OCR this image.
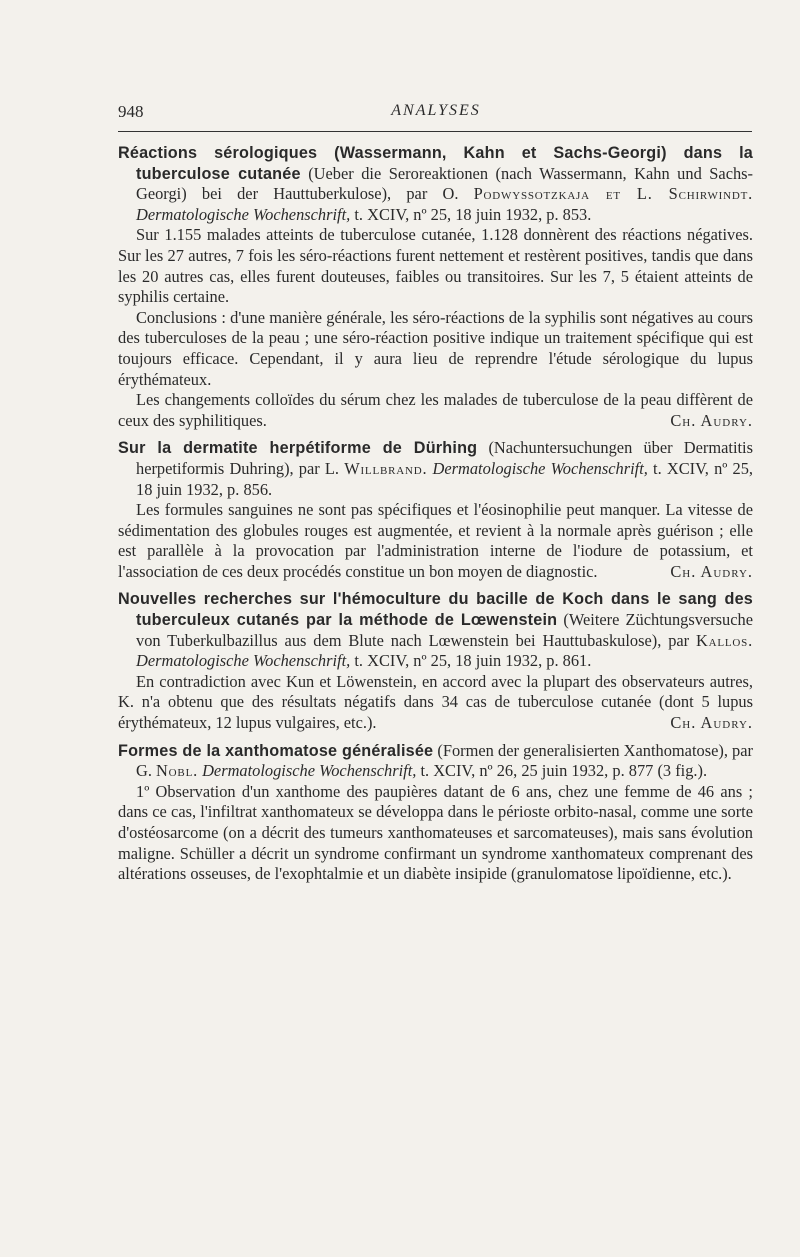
948	ANALYSES

Réactions sérologiques (Wassermann, Kahn et Sachs-Georgi) dans la tuberculose cutanée (Ueber die Seroreaktionen (nach Wassermann, Kahn und Sachs-Georgi) bei der Hauttuberkulose), par O. Podwyssotzkaja et L. Schirwindt. Dermatologische Wochenschrift, t. XCIV, nº 25, 18 juin 1932, p. 853.

Sur 1.155 malades atteints de tuberculose cutanée, 1.128 donnèrent des réactions négatives. Sur les 27 autres, 7 fois les séro-réactions furent nettement et restèrent positives, tandis que dans les 20 autres cas, elles furent douteuses, faibles ou transitoires. Sur les 7, 5 étaient atteints de syphilis certaine.

Conclusions : d'une manière générale, les séro-réactions de la syphilis sont négatives au cours des tuberculoses de la peau ; une séro-réaction positive indique un traitement spécifique qui est toujours efficace. Cependant, il y aura lieu de reprendre l'étude sérologique du lupus érythémateux.

Les changements colloïdes du sérum chez les malades de tuberculose de la peau diffèrent de ceux des syphilitiques.	Ch. Audry.

Sur la dermatite herpétiforme de Dürhing (Nachuntersuchungen über Dermatitis herpetiformis Duhring), par L. Willbrand. Dermatologische Wochenschrift, t. XCIV, nº 25, 18 juin 1932, p. 856.

Les formules sanguines ne sont pas spécifiques et l'éosinophilie peut manquer. La vitesse de sédimentation des globules rouges est augmentée, et revient à la normale après guérison ; elle est parallèle à la provocation par l'administration interne de l'iodure de potassium, et l'association de ces deux procédés constitue un bon moyen de diagnostic.	Ch. Audry.

Nouvelles recherches sur l'hémoculture du bacille de Koch dans le sang des tuberculeux cutanés par la méthode de Lœwenstein (Weitere Züchtungsversuche von Tuberkulbazillus aus dem Blute nach Lœwenstein bei Hauttubaskulose), par Kallos. Dermatologische Wochenschrift, t. XCIV, nº 25, 18 juin 1932, p. 861.

En contradiction avec Kun et Löwenstein, en accord avec la plupart des observateurs autres, K. n'a obtenu que des résultats négatifs dans 34 cas de tuberculose cutanée (dont 5 lupus érythémateux, 12 lupus vulgaires, etc.).	Ch. Audry.

Formes de la xanthomatose généralisée (Formen der generalisierten Xanthomatose), par G. Nobl. Dermatologische Wochenschrift, t. XCIV, nº 26, 25 juin 1932, p. 877 (3 fig.).

1º Observation d'un xanthome des paupières datant de 6 ans, chez une femme de 46 ans ; dans ce cas, l'infiltrat xanthomateux se développa dans le périoste orbito-nasal, comme une sorte d'ostéosarcome (on a décrit des tumeurs xanthomateuses et sarcomateuses), mais sans évolution maligne. Schüller a décrit un syndrome confirmant un syndrome xanthomateux comprenant des altérations osseuses, de l'exophtalmie et un diabète insipide (granulomatose lipoïdienne, etc.).
